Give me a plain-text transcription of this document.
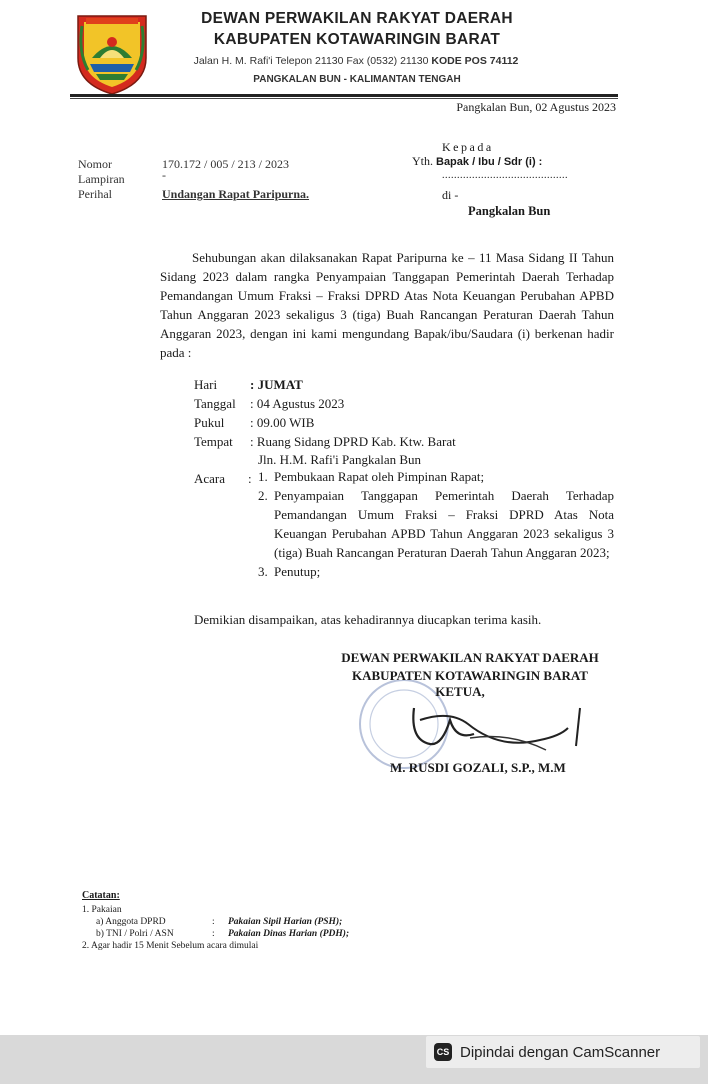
DEWAN PERWAKILAN RAKYAT DAERAH
KABUPATEN KOTAWARINGIN BARAT
Jalan H. M. Rafi'i Telepon 21130 Fax (0532) 21130 KODE POS 74112
PANGKALAN BUN - KALIMANTAN TENGAH
Pangkalan Bun, 02 Agustus 2023
Kepada
Yth. Bapak / Ibu / Sdr (i) :
..........................................
di -
Pangkalan Bun
Nomor	170.172 / 005 / 213 / 2023
Lampiran	-
Perihal	Undangan Rapat Paripurna.
Sehubungan akan dilaksanakan Rapat Paripurna ke – 11 Masa Sidang II Tahun Sidang 2023 dalam rangka Penyampaian Tanggapan Pemerintah Daerah Terhadap Pemandangan Umum Fraksi – Fraksi DPRD Atas Nota Keuangan Perubahan APBD Tahun Anggaran 2023 sekaligus 3 (tiga) Buah Rancangan Peraturan Daerah Tahun Anggaran 2023, dengan ini kami mengundang Bapak/ibu/Saudara (i) berkenan hadir pada :
Hari	: JUMAT
Tanggal : 04 Agustus 2023
Pukul : 09.00 WIB
Tempat : Ruang Sidang DPRD Kab. Ktw. Barat
Jln. H.M. Rafi'i Pangkalan Bun
Acara : 1. Pembukaan Rapat oleh Pimpinan Rapat;
2. Penyampaian Tanggapan Pemerintah Daerah Terhadap Pemandangan Umum Fraksi – Fraksi DPRD Atas Nota Keuangan Perubahan APBD Tahun Anggaran 2023 sekaligus 3 (tiga) Buah Rancangan Peraturan Daerah Tahun Anggaran 2023;
3. Penutup;
Demikian disampaikan, atas kehadirannya diucapkan terima kasih.
DEWAN PERWAKILAN RAKYAT DAERAH
KABUPATEN KOTAWARINGIN BARAT
KETUA,
M. RUSDI GOZALI, S.P., M.M
Catatan:
1. Pakaian
a) Anggota DPRD	: Pakaian Sipil Harian (PSH);
b) TNI / Polri / ASN	: Pakaian Dinas Harian (PDH);
2. Agar hadir 15 Menit Sebelum acara dimulai
CS Dipindai dengan CamScanner
